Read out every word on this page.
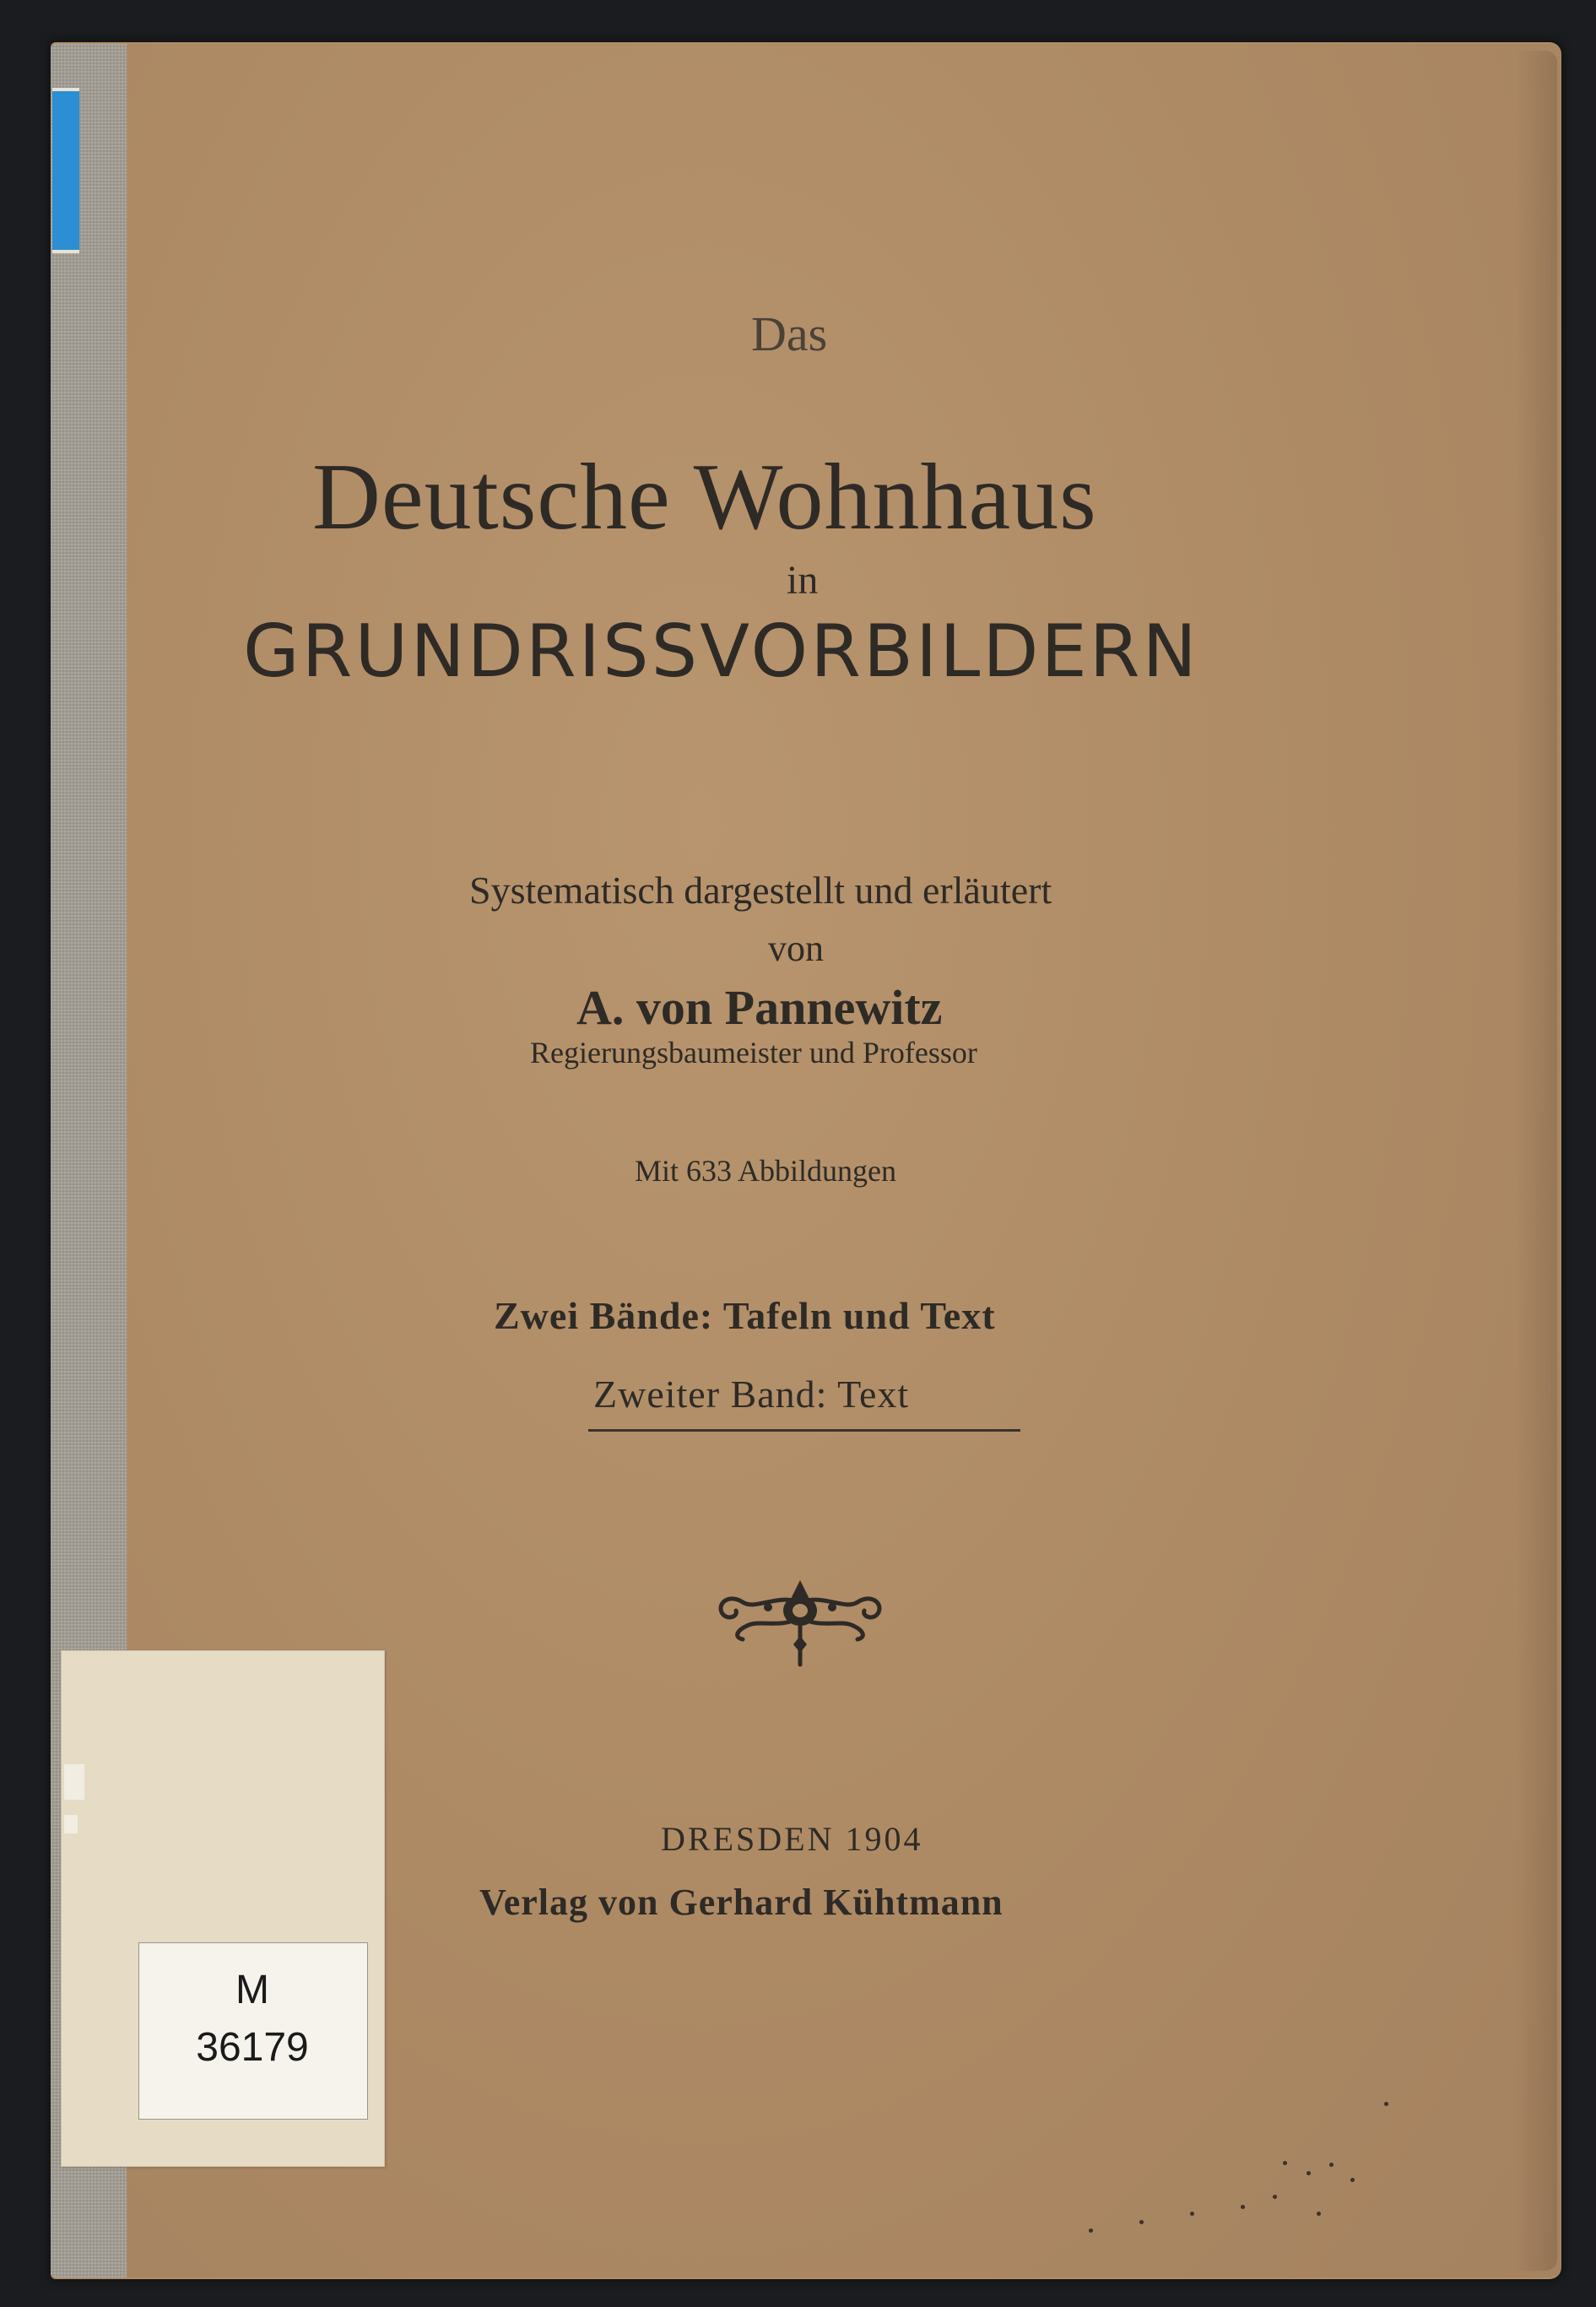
Das
Deutsche Wohnhaus
in
GRUNDRISSVORBILDERN
Systematisch dargestellt und erläutert
von
A. von Pannewitz
Regierungsbaumeister und Professor
Mit 633 Abbildungen
Zwei Bände: Tafeln und Text
Zweiter Band: Text
DRESDEN 1904
Verlag von Gerhard Kühtmann
M
36179
